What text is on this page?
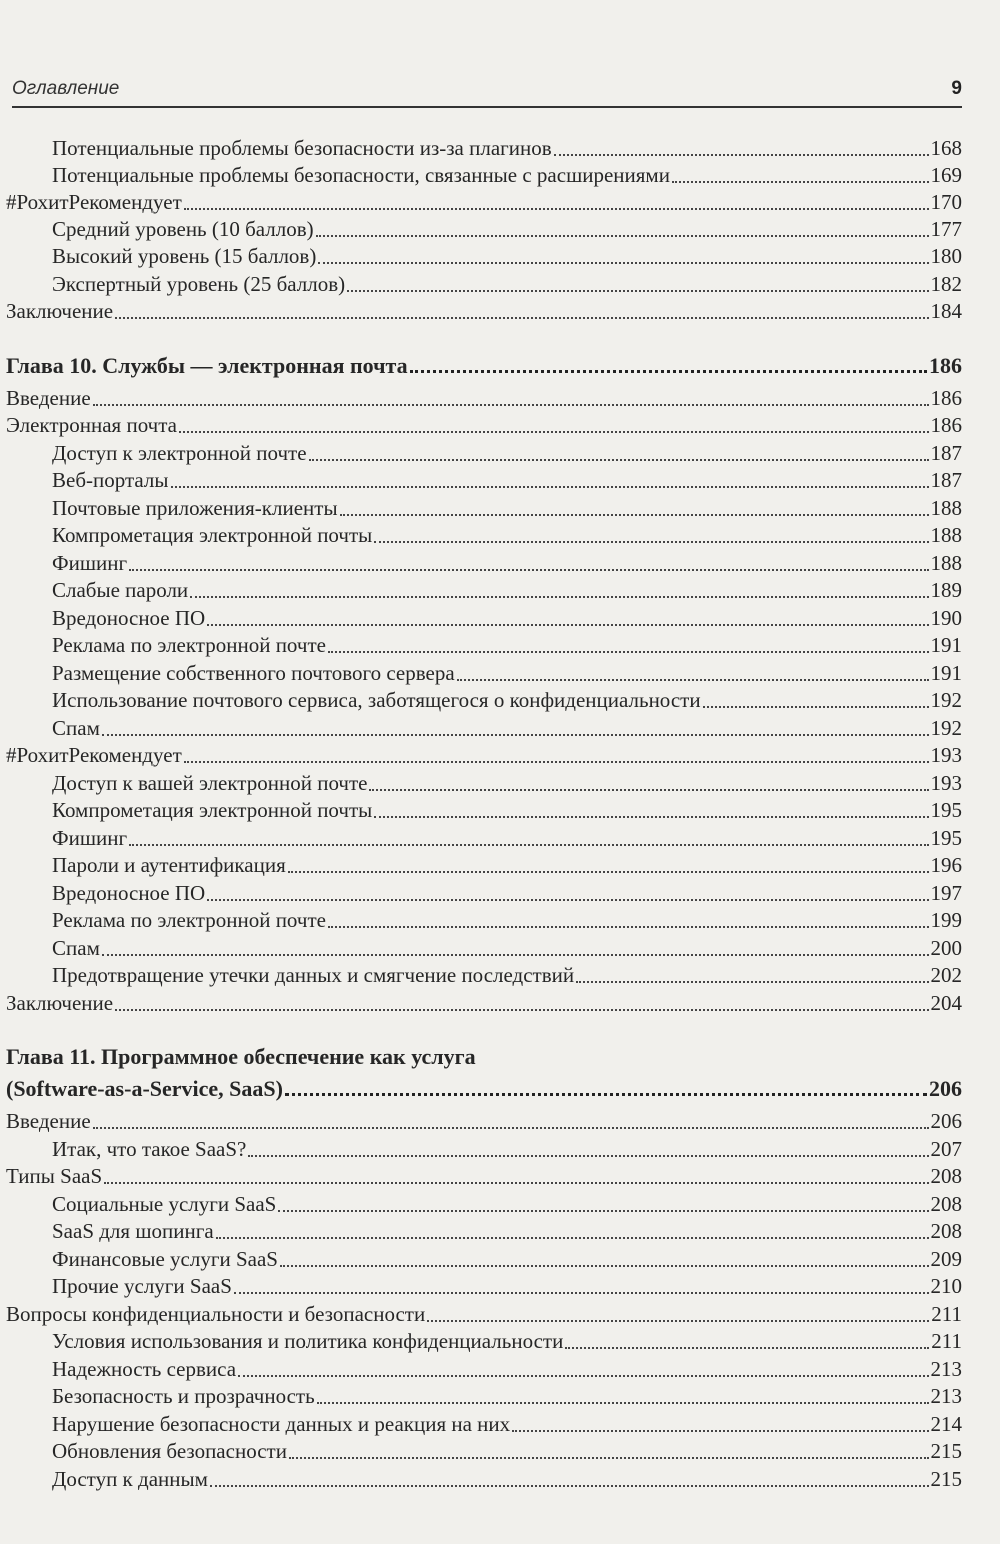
Оглавление	9
Потенциальные проблемы безопасности из-за плагинов	168
Потенциальные проблемы безопасности, связанные с расширениями	169
#РохитРекомендует	170
Средний уровень (10 баллов)	177
Высокий уровень (15 баллов)	180
Экспертный уровень (25 баллов)	182
Заключение	184
Глава 10. Службы — электронная почта	186
Введение	186
Электронная почта	186
Доступ к электронной почте	187
Веб-порталы	187
Почтовые приложения-клиенты	188
Компрометация электронной почты	188
Фишинг	188
Слабые пароли	189
Вредоносное ПО	190
Реклама по электронной почте	191
Размещение собственного почтового сервера	191
Использование почтового сервиса, заботящегося о конфиденциальности	192
Спам	192
#РохитРекомендует	193
Доступ к вашей электронной почте	193
Компрометация электронной почты	195
Фишинг	195
Пароли и аутентификация	196
Вредоносное ПО	197
Реклама по электронной почте	199
Спам	200
Предотвращение утечки данных и смягчение последствий	202
Заключение	204
Глава 11. Программное обеспечение как услуга
(Software-as-a-Service, SaaS)	206
Введение	206
Итак, что такое SaaS?	207
Типы SaaS	208
Социальные услуги SaaS	208
SaaS для шопинга	208
Финансовые услуги SaaS	209
Прочие услуги SaaS	210
Вопросы конфиденциальности и безопасности	211
Условия использования и политика конфиденциальности	211
Надежность сервиса	213
Безопасность и прозрачность	213
Нарушение безопасности данных и реакция на них	214
Обновления безопасности	215
Доступ к данным	215
